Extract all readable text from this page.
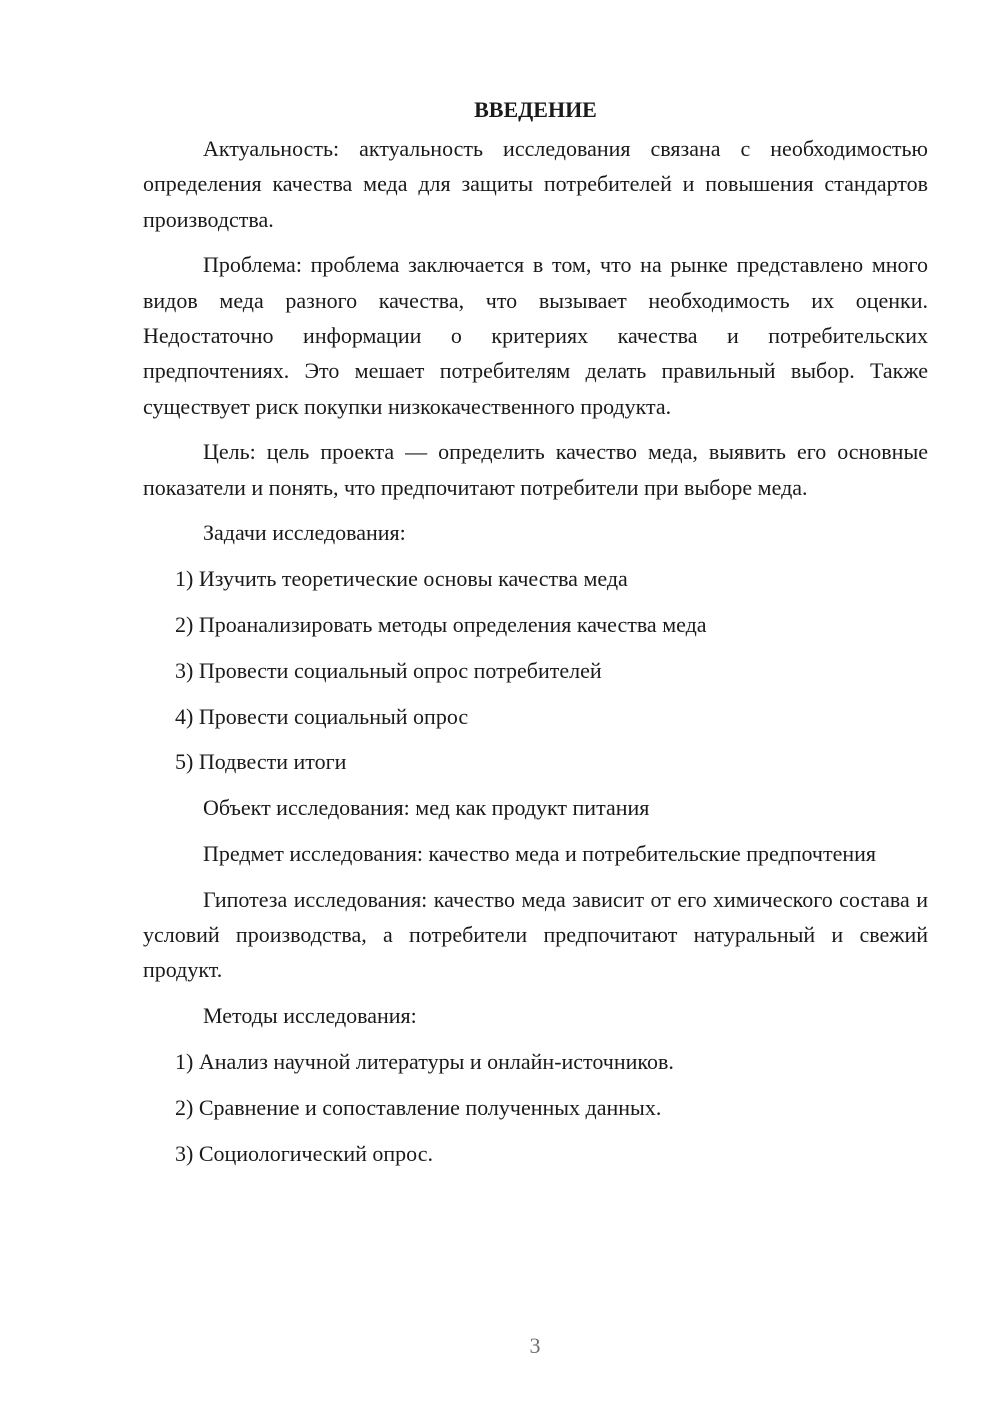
ВВЕДЕНИЕ

Актуальность: актуальность исследования связана с необходимостью определения качества меда для защиты потребителей и повышения стандартов производства.

Проблема: проблема заключается в том, что на рынке представлено много видов меда разного качества, что вызывает необходимость их оценки. Недостаточно информации о критериях качества и потребительских предпочтениях. Это мешает потребителям делать правильный выбор. Также существует риск покупки низкокачественного продукта.

Цель: цель проекта — определить качество меда, выявить его основные показатели и понять, что предпочитают потребители при выборе меда.

Задачи исследования:

1) Изучить теоретические основы качества меда

2) Проанализировать методы определения качества меда

3) Провести социальный опрос потребителей

4) Провести социальный опрос

5) Подвести итоги

Объект исследования: мед как продукт питания

Предмет исследования: качество меда и потребительские предпочтения

Гипотеза исследования: качество меда зависит от его химического состава и условий производства, а потребители предпочитают натуральный и свежий продукт.

Методы исследования:

1) Анализ научной литературы и онлайн-источников.

2) Сравнение и сопоставление полученных данных.

3) Социологический опрос.

3
